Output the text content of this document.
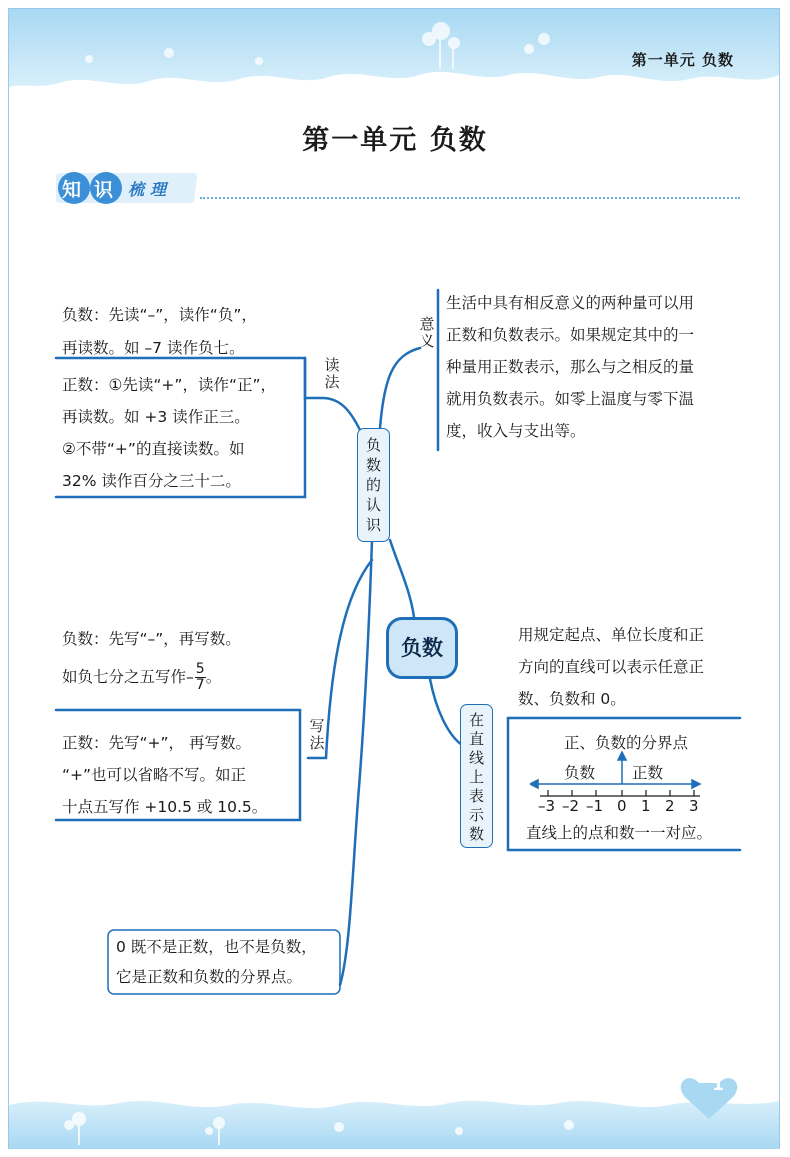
第一单元 负数
1
第一单元 负数
知 识 梳 理
负数的认识
读法
意义
写法
负数
在直线上表示数
负数：先读“–”，读作“负”，
再读数。如 –7 读作负七。
正数：①先读“+”，读作“正”，
再读数。如 +3 读作正三。
②不带“+”的直接读数。如
32% 读作百分之三十二。
生活中具有相反意义的两种量可以用
正数和负数表示。如果规定其中的一
种量用正数表示，那么与之相反的量
就用负数表示。如零上温度与零下温
度，收入与支出等。
负数：先写“–”，再写数。
如负七分之五写作– $\frac{5}{7}$ 。
正数：先写“+”， 再写数。
“+”也可以省略不写。如正
十点五写作 +10.5 或 10.5。
用规定起点、单位长度和正
方向的直线可以表示任意正
数、负数和 0。
正、负数的分界点
负数 正数
–3 –2 –1 0 1 2 3
直线上的点和数一一对应。
0 既不是正数，也不是负数，
它是正数和负数的分界点。
